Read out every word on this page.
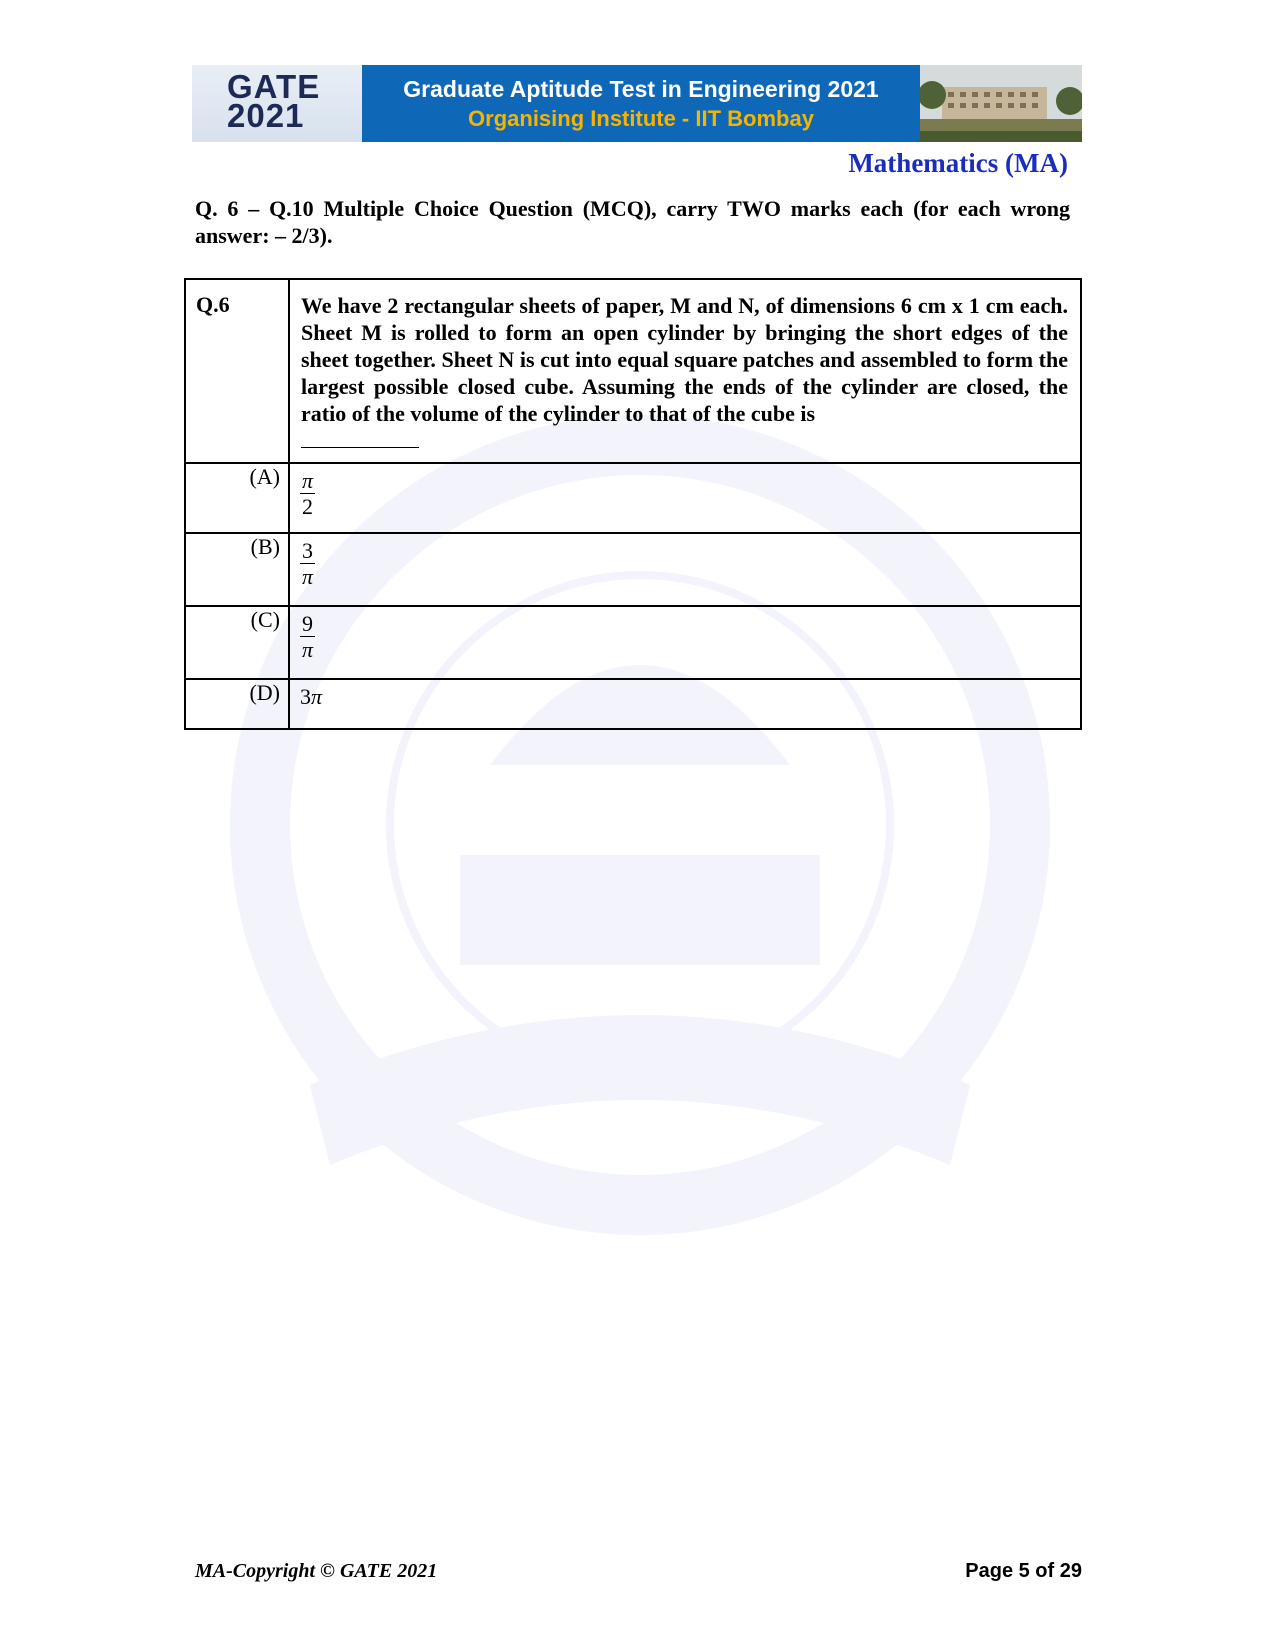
GATE
2021
Graduate Aptitude Test in Engineering 2021
Organising Institute - IIT Bombay
Mathematics (MA)
Q. 6 – Q.10 Multiple Choice Question (MCQ), carry TWO marks each (for each wrong answer: – 2/3).
Q.6	We have 2 rectangular sheets of paper, M and N, of dimensions 6 cm x 1 cm each. Sheet M is rolled to form an open cylinder by bringing the short edges of the sheet together. Sheet N is cut into equal square patches and assembled to form the largest possible closed cube. Assuming the ends of the cylinder are closed, the ratio of the volume of the cylinder to that of the cube is

(A)	$\frac{\pi}{2}$

(B)	$\frac{3}{\pi}$

(C)	$\frac{9}{\pi}$

(D)	3π
MA-Copyright © GATE 2021	Page 5 of 29
